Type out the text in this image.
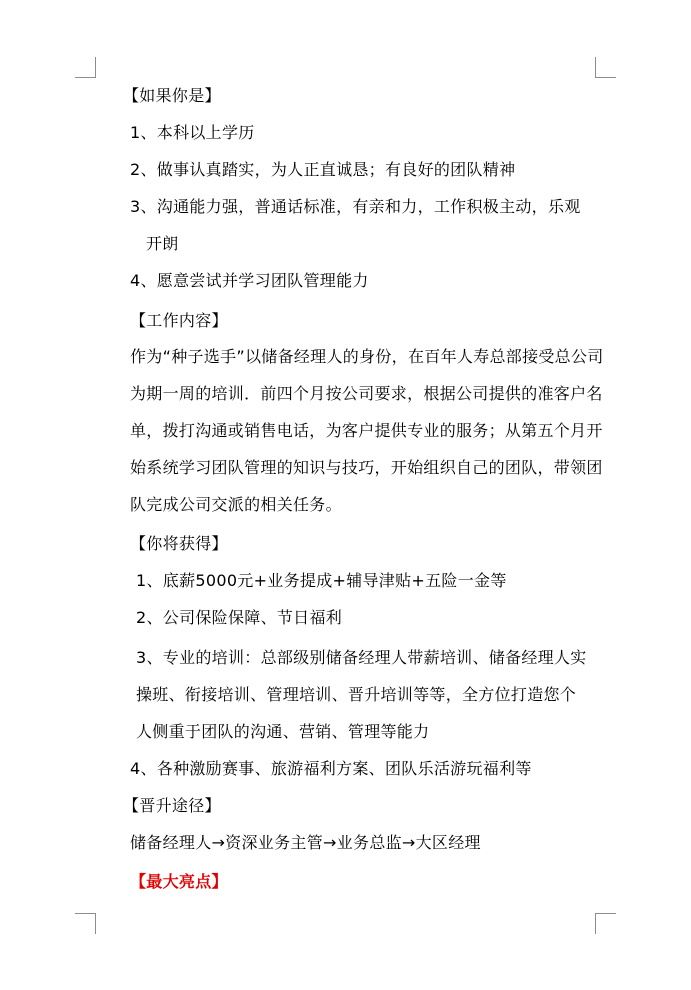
【如果你是】
1、本科以上学历
2、做事认真踏实，为人正直诚恳；有良好的团队精神
3、沟通能力强，普通话标准，有亲和力，工作积极主动，乐观
开朗
4、愿意尝试并学习团队管理能力
【工作内容】
作为“种子选手”以储备经理人的身份，在百年人寿总部接受总公司为期一周的培训．前四个月按公司要求，根据公司提供的准客户名单，拨打沟通或销售电话，为客户提供专业的服务；从第五个月开始系统学习团队管理的知识与技巧，开始组织自己的团队，带领团队完成公司交派的相关任务。
【你将获得】
1、底薪5000元+业务提成+辅导津贴+五险一金等
2、公司保险保障、节日福利
3、专业的培训：总部级别储备经理人带薪培训、储备经理人实
操班、衔接培训、管理培训、晋升培训等等，全方位打造您个
人侧重于团队的沟通、营销、管理等能力
4、各种激励赛事、旅游福利方案、团队乐活游玩福利等
【晋升途径】
储备经理人→资深业务主管→业务总监→大区经理
【最大亮点】
